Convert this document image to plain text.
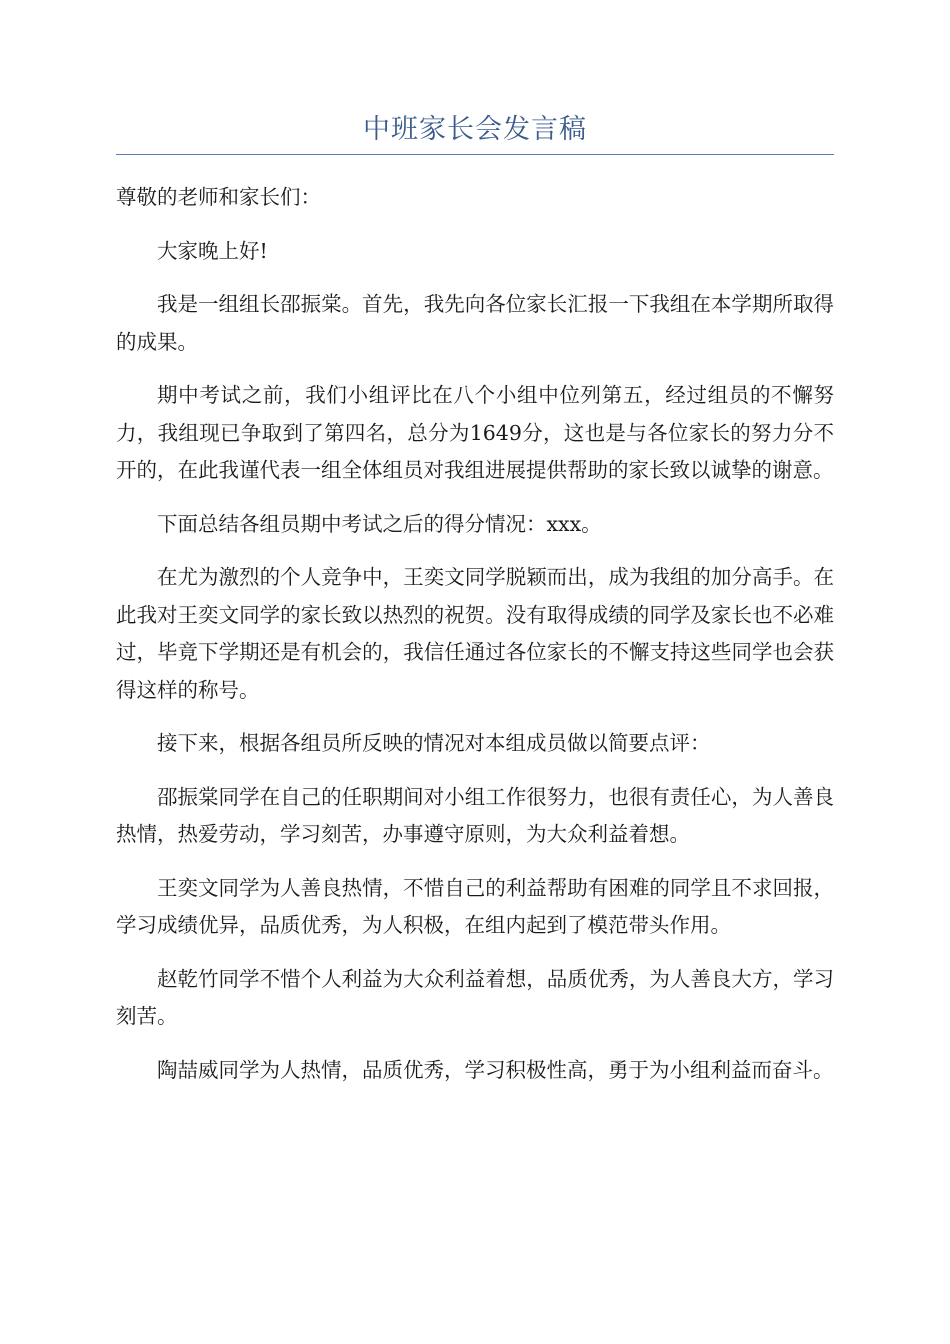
中班家长会发言稿

尊敬的老师和家长们：

大家晚上好!

我是一组组长邵振棠。首先，我先向各位家长汇报一下我组在本学期所取得的成果。

期中考试之前，我们小组评比在八个小组中位列第五，经过组员的不懈努力，我组现已争取到了第四名，总分为1649分，这也是与各位家长的努力分不开的，在此我谨代表一组全体组员对我组进展提供帮助的家长致以诚挚的谢意。

下面总结各组员期中考试之后的得分情况：xxx。

在尤为激烈的个人竞争中，王奕文同学脱颖而出，成为我组的加分高手。在此我对王奕文同学的家长致以热烈的祝贺。没有取得成绩的同学及家长也不必难过，毕竟下学期还是有机会的，我信任通过各位家长的不懈支持这些同学也会获得这样的称号。

接下来，根据各组员所反映的情况对本组成员做以简要点评：

邵振棠同学在自己的任职期间对小组工作很努力，也很有责任心，为人善良热情，热爱劳动，学习刻苦，办事遵守原则，为大众利益着想。

王奕文同学为人善良热情，不惜自己的利益帮助有困难的同学且不求回报，学习成绩优异，品质优秀，为人积极，在组内起到了模范带头作用。

赵乾竹同学不惜个人利益为大众利益着想，品质优秀，为人善良大方，学习刻苦。

陶喆威同学为人热情，品质优秀，学习积极性高，勇于为小组利益而奋斗。
